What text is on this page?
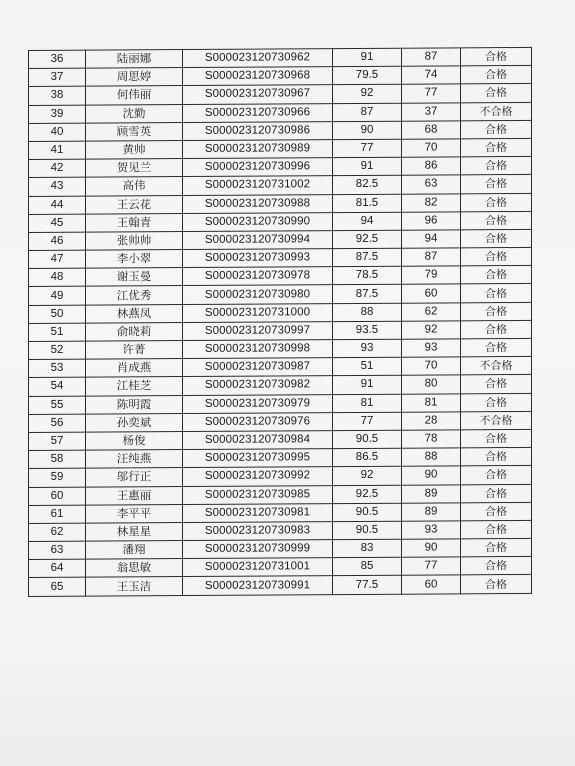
36	陆丽娜	S000023120730962	91	87	合格
37	周思婷	S000023120730968	79.5	74	合格
38	何伟丽	S000023120730967	92	77	合格
39	沈勤	S000023120730966	87	37	不合格
40	顾雪英	S000023120730986	90	68	合格
41	黄帅	S000023120730989	77	70	合格
42	贺见兰	S000023120730996	91	86	合格
43	高伟	S000023120731002	82.5	63	合格
44	王云花	S000023120730988	81.5	82	合格
45	王翰青	S000023120730990	94	96	合格
46	张帅帅	S000023120730994	92.5	94	合格
47	李小翠	S000023120730993	87.5	87	合格
48	谢玉曼	S000023120730978	78.5	79	合格
49	江优秀	S000023120730980	87.5	60	合格
50	林燕凤	S000023120731000	88	62	合格
51	俞晓莉	S000023120730997	93.5	92	合格
52	许菁	S000023120730998	93	93	合格
53	肖成燕	S000023120730987	51	70	不合格
54	江桂芝	S000023120730982	91	80	合格
55	陈明霞	S000023120730979	81	81	合格
56	孙奕斌	S000023120730976	77	28	不合格
57	杨俊	S000023120730984	90.5	78	合格
58	汪纯燕	S000023120730995	86.5	88	合格
59	邬行正	S000023120730992	92	90	合格
60	王惠丽	S000023120730985	92.5	89	合格
61	李平平	S000023120730981	90.5	89	合格
62	林星星	S000023120730983	90.5	93	合格
63	潘翔	S000023120730999	83	90	合格
64	翁思敏	S000023120731001	85	77	合格
65	王玉洁	S000023120730991	77.5	60	合格
